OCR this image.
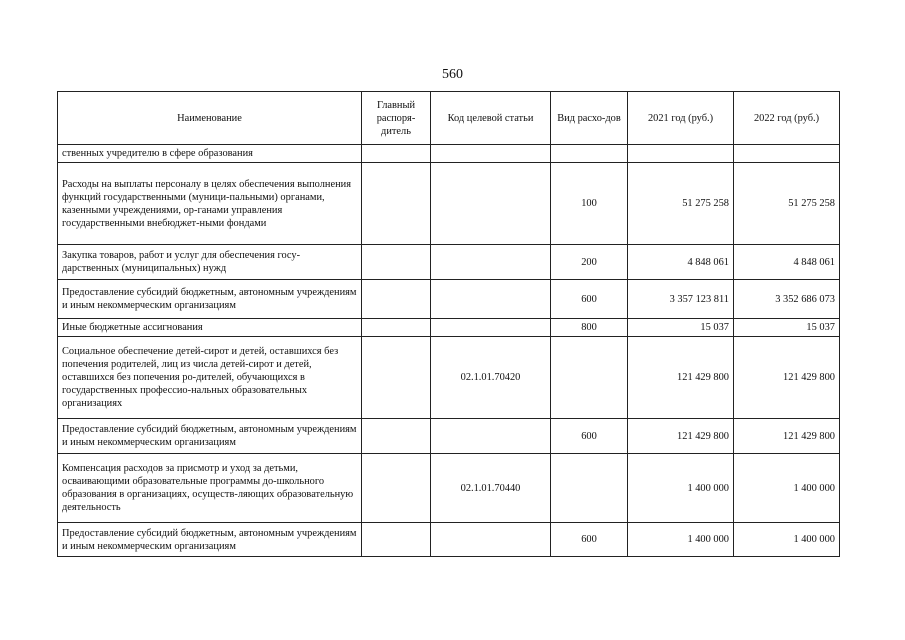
560
Наименование	Главный распоря-дитель	Код целевой статьи	Вид расхо-дов	2021 год (руб.)	2022 год (руб.)
ственных учредителю в сфере образования					
Расходы на выплаты персоналу в целях обеспечения выполнения функций государственными (муници-пальными) органами, казенными учреждениями, ор-ганами управления государственными внебюджет-ными фондами			100	51 275 258	51 275 258
Закупка товаров, работ и услуг для обеспечения госу-дарственных (муниципальных) нужд			200	4 848 061	4 848 061
Предоставление субсидий бюджетным, автономным учреждениям и иным некоммерческим организациям			600	3 357 123 811	3 352 686 073
Иные бюджетные ассигнования			800	15 037	15 037
Социальное обеспечение детей-сирот и детей, оставшихся без попечения родителей, лиц из числа детей-сирот и детей, оставшихся без попечения ро-дителей, обучающихся в государственных профессио-нальных образовательных организациях		02.1.01.70420		121 429 800	121 429 800
Предоставление субсидий бюджетным, автономным учреждениям и иным некоммерческим организациям			600	121 429 800	121 429 800
Компенсация расходов за присмотр и уход за детьми, осваивающими образовательные программы до-школьного образования в организациях, осуществ-ляющих образовательную деятельность		02.1.01.70440		1 400 000	1 400 000
Предоставление субсидий бюджетным, автономным учреждениям и иным некоммерческим организациям			600	1 400 000	1 400 000
